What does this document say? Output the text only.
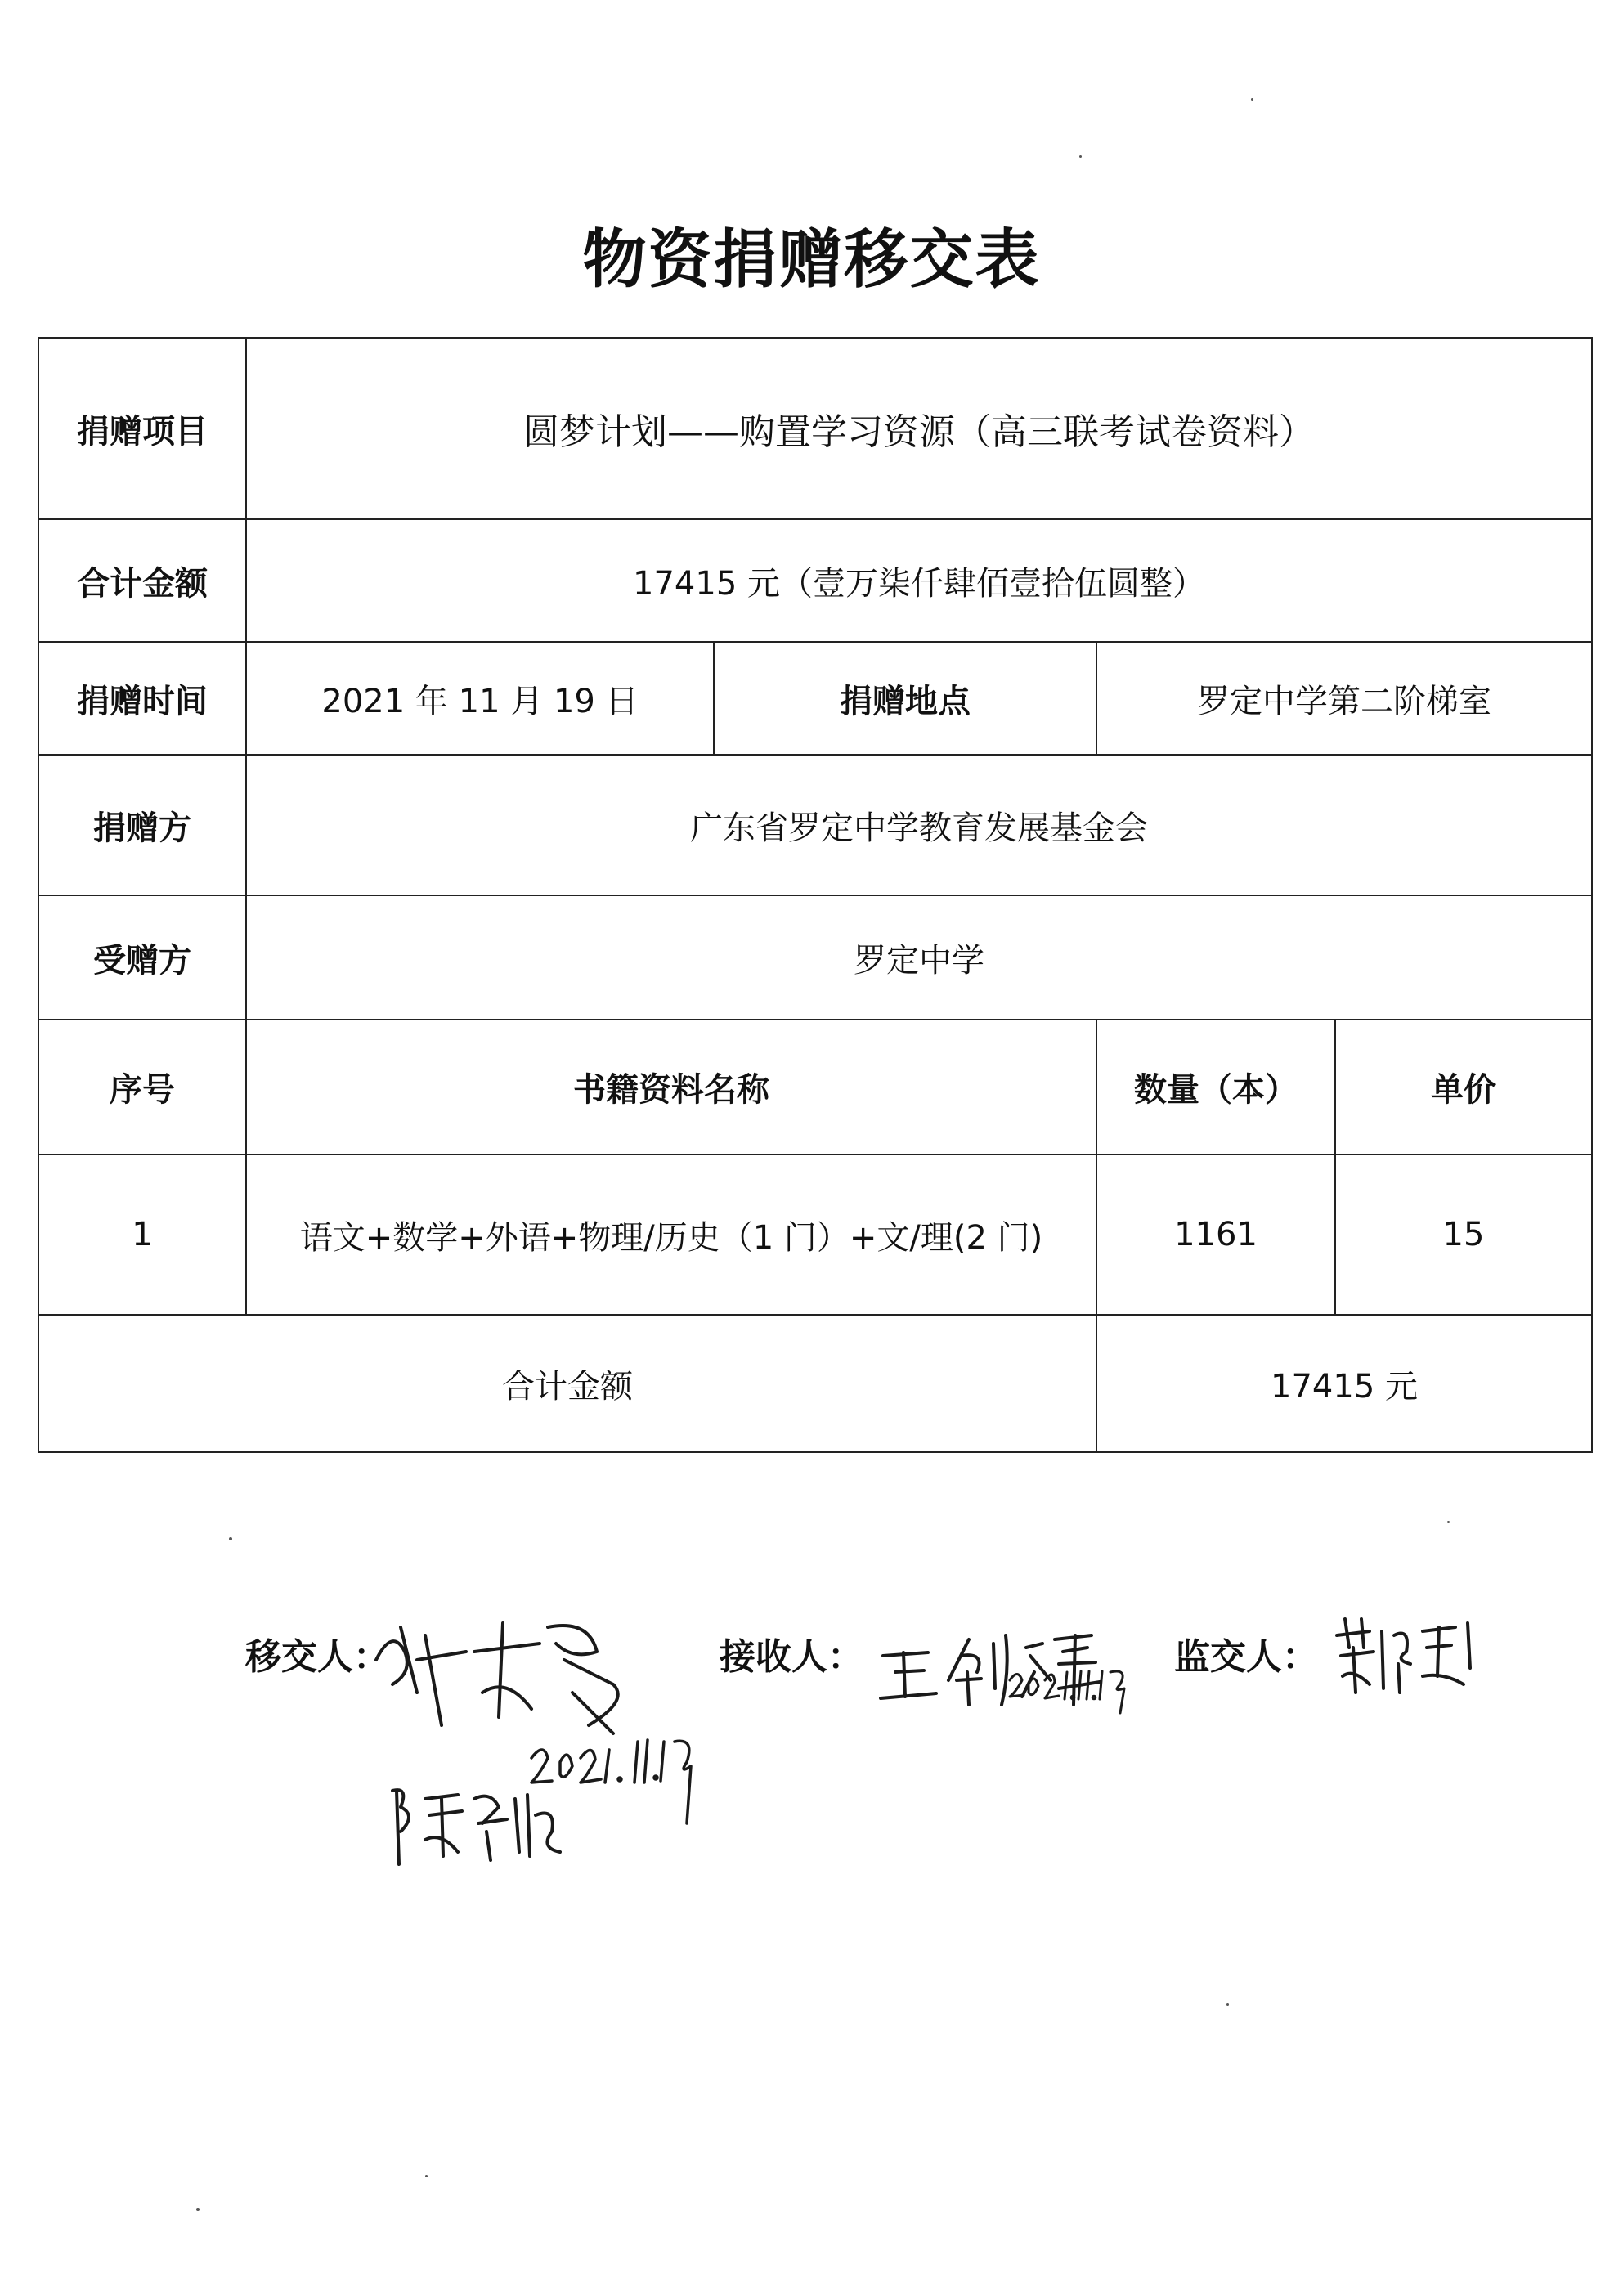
物资捐赠移交表
捐赠项目	圆梦计划——购置学习资源（高三联考试卷资料）			
合计金额	17415 元（壹万柒仟肆佰壹拾伍圆整）			
捐赠时间	2021 年 11 月 19 日	捐赠地点	罗定中学第二阶梯室	
捐赠方	广东省罗定中学教育发展基金会			
受赠方	罗定中学			
序号	书籍资料名称		数量（本）	单价
1	语文+数学+外语+物理/历史（1 门）+文/理(2 门)		1161	15
合计金额			17415 元	
移交人：	接收人：	监交人：
